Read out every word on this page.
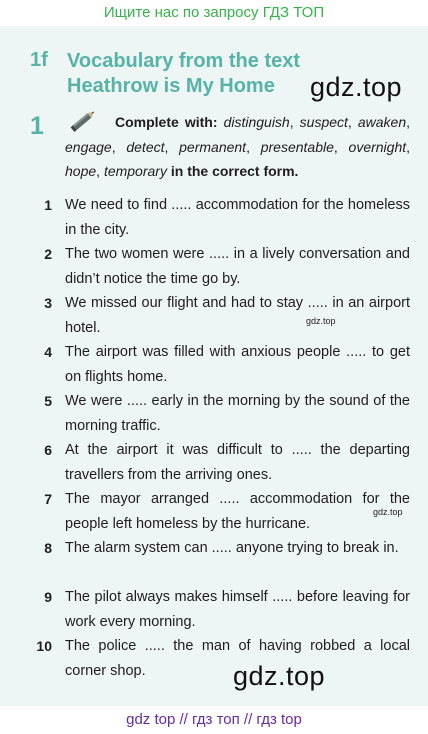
Ищите нас по запросу ГДЗ ТОП
1f Vocabulary from the text
Heathrow is My Home	gdz.top
1	Complete with: distinguish, suspect, awaken, engage, detect, permanent, presentable, overnight, hope, temporary in the correct form.
1 We need to find ..... accommodation for the homeless in the city.
2 The two women were ..... in a lively conversation and didn’t notice the time go by.
3 We missed our flight and had to stay ..... in an airport hotel.
4 The airport was filled with anxious people ..... to get on flights home.
5 We were ..... early in the morning by the sound of the morning traffic.
6 At the airport it was difficult to ..... the departing travellers from the arriving ones.
7 The mayor arranged ..... accommodation for the people left homeless by the hurricane.
8 The alarm system can ..... anyone trying to break in.
9 The pilot always makes himself ..... before leaving for work every morning.
10 The police ..... the man of having robbed a local corner shop.
gdz.top
gdz.top
gdz.top
gdz top // гдз топ // гдз top
